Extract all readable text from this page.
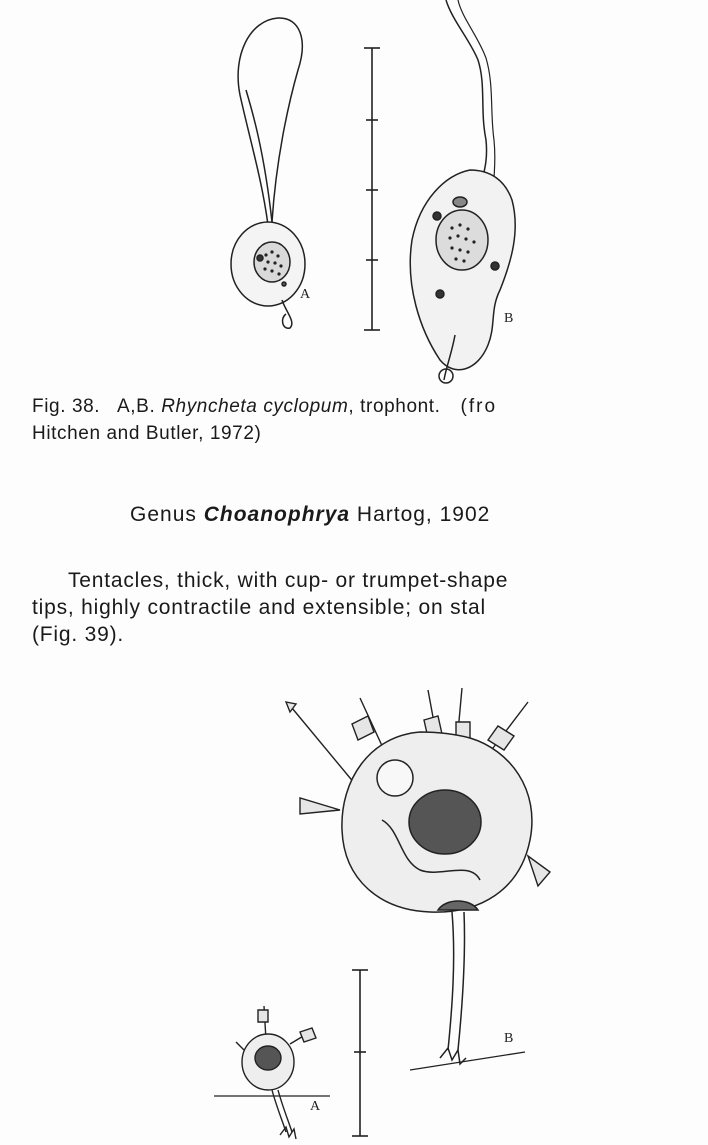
A
B
Fig. 38. A,B. Rhyncheta cyclopum, trophont. (fro
Hitchen and Butler, 1972)
Genus Choanophrya Hartog, 1902
Tentacles, thick, with cup- or trumpet-shape
tips, highly contractile and extensible; on stal
(Fig. 39).
B
A
